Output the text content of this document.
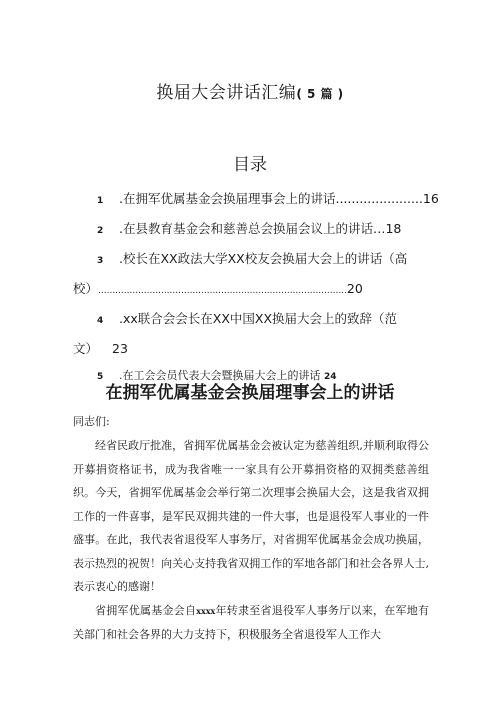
换届大会讲话汇编( 5 篇 )
目录
1 .在拥军优属基金会换届理事会上的讲话......................16
2 .在县教育基金会和慈善总会换届会议上的讲话…18
3 .校长在XX政法大学XX校友会换届大会上的讲话（高
校）.......................................................................................20
4 .xx联合会会长在XX中国XX换届大会上的致辞（范
文） 23
5 .在工会会员代表大会暨换届大会上的讲话 24
在拥军优属基金会换届理事会上的讲话
同志们:

经省民政厅批准，省拥军优属基金会被认定为慈善组织,并顺利取得公开募捐资格证书，成为我省唯一一家具有公开募捐资格的双拥类慈善组织。今天，省拥军优属基金会举行第二次理事会换届大会，这是我省双拥工作的一件喜事，是军民双拥共建的一件大事，也是退役军人事业的一件盛事。在此，我代表省退役军人事务厅，对省拥军优属基金会成功换届，表示热烈的祝贺！向关心支持我省双拥工作的军地各部门和社会各界人士,表示衷心的感谢！

省拥军优属基金会自xxxx年转隶至省退役军人事务厅以来，在军地有关部门和社会各界的大力支持下，积极服务全省退役军人工作大
